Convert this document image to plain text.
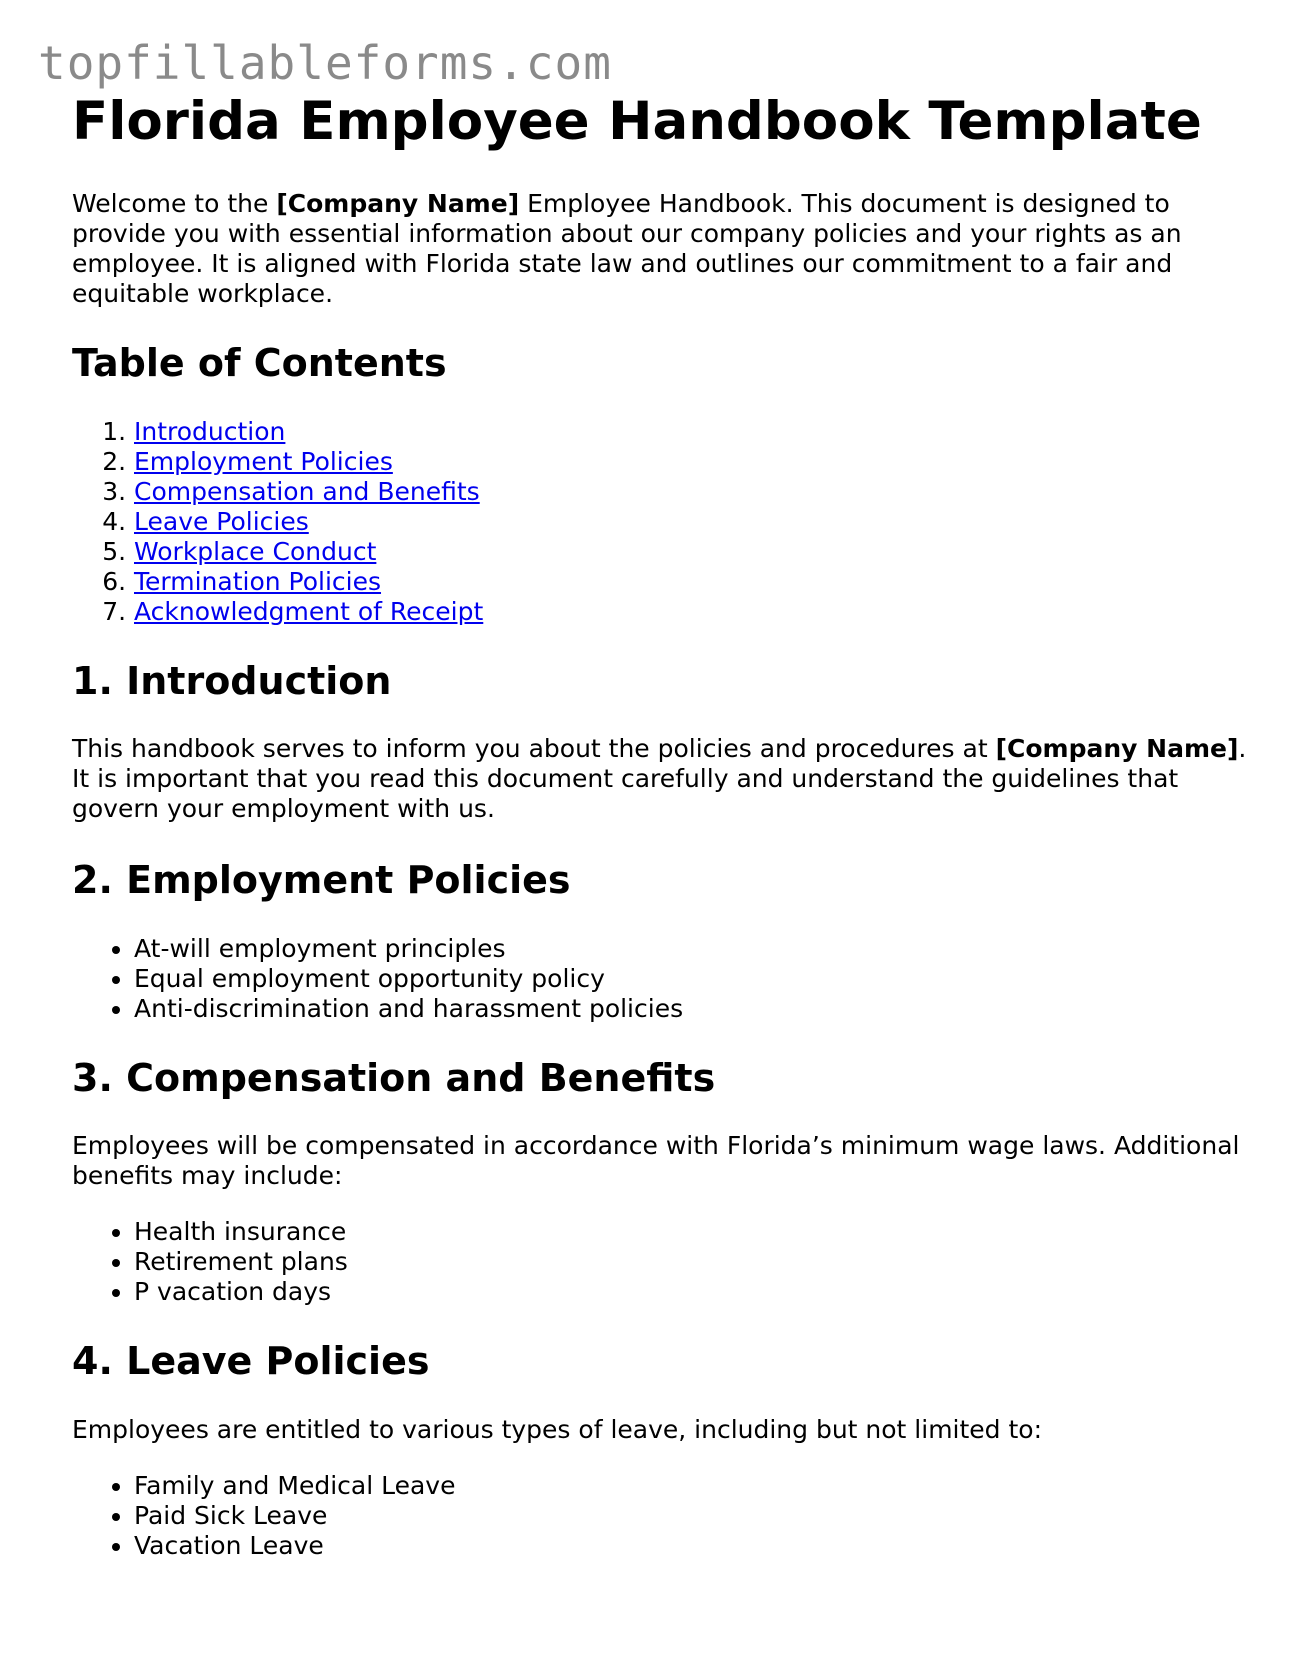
topfillableforms.com
Florida Employee Handbook Template

Welcome to the [Company Name] Employee Handbook. This document is designed to provide you with essential information about our company policies and your rights as an employee. It is aligned with Florida state law and outlines our commitment to a fair and equitable workplace.

Table of Contents
1. Introduction
2. Employment Policies
3. Compensation and Benefits
4. Leave Policies
5. Workplace Conduct
6. Termination Policies
7. Acknowledgment of Receipt
1. Introduction

This handbook serves to inform you about the policies and procedures at [Company Name]. It is important that you read this document carefully and understand the guidelines that govern your employment with us.

2. Employment Policies
• At-will employment principles
• Equal employment opportunity policy
• Anti-discrimination and harassment policies
3. Compensation and Benefits

Employees will be compensated in accordance with Florida’s minimum wage laws. Additional benefits may include:

• Health insurance
• Retirement plans
• P vacation days
4. Leave Policies

Employees are entitled to various types of leave, including but not limited to:

• Family and Medical Leave
• Paid Sick Leave
• Vacation Leave
